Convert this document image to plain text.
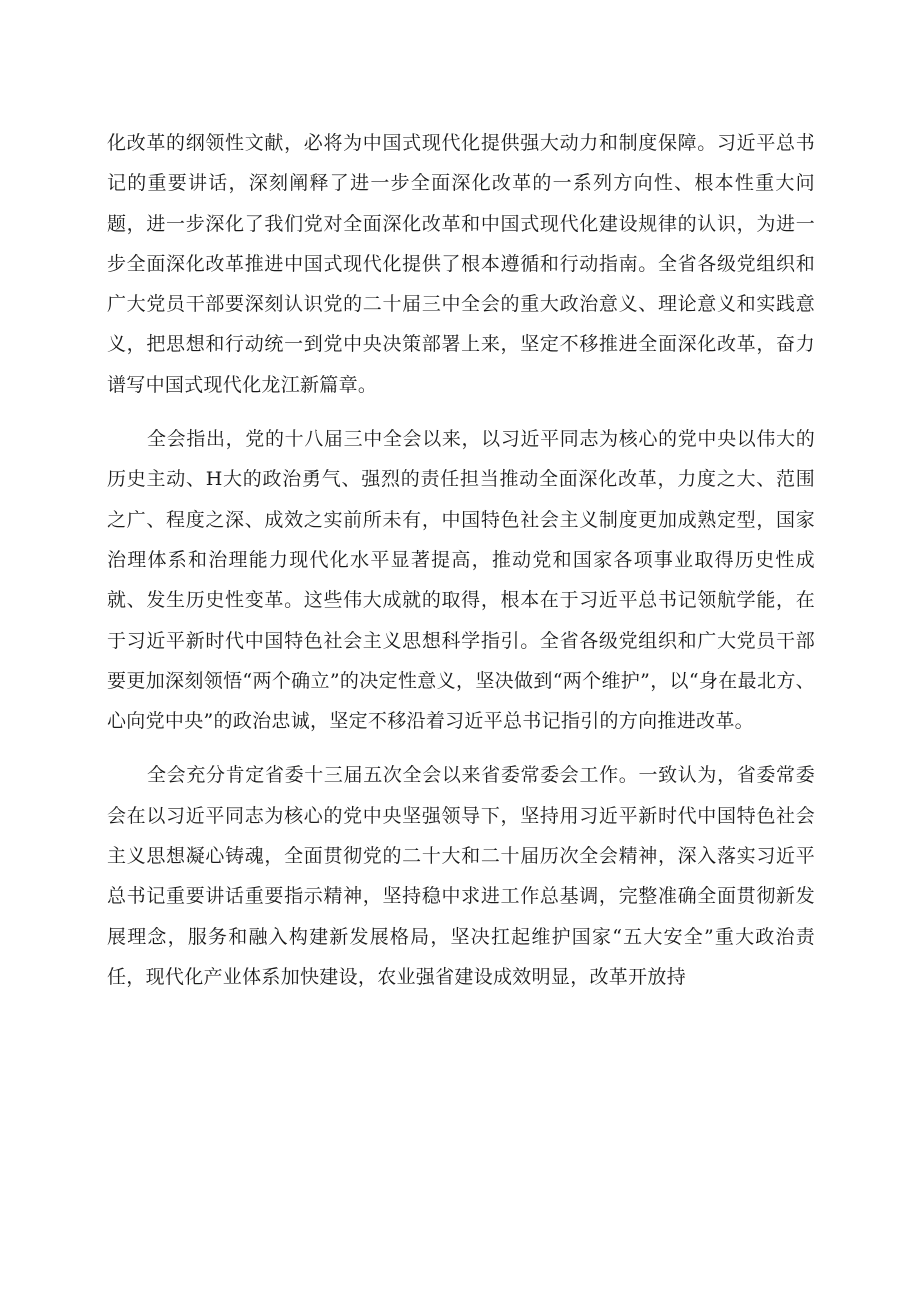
化改革的纲领性文献，必将为中国式现代化提供强大动力和制度保障。习近平总书记的重要讲话，深刻阐释了进一步全面深化改革的一系列方向性、根本性重大问题，进一步深化了我们党对全面深化改革和中国式现代化建设规律的认识，为进一步全面深化改革推进中国式现代化提供了根本遵循和行动指南。全省各级党组织和广大党员干部要深刻认识党的二十届三中全会的重大政治意义、理论意义和实践意义，把思想和行动统一到党中央决策部署上来，坚定不移推进全面深化改革，奋力谱写中国式现代化龙江新篇章。

全会指出，党的十八届三中全会以来，以习近平同志为核心的党中央以伟大的历史主动、H大的政治勇气、强烈的责任担当推动全面深化改革，力度之大、范围之广、程度之深、成效之实前所未有，中国特色社会主义制度更加成熟定型，国家治理体系和治理能力现代化水平显著提高，推动党和国家各项事业取得历史性成就、发生历史性变革。这些伟大成就的取得，根本在于习近平总书记领航学能，在于习近平新时代中国特色社会主义思想科学指引。全省各级党组织和广大党员干部要更加深刻领悟“两个确立”的决定性意义，坚决做到“两个维护”，以“身在最北方、心向党中央”的政治忠诚，坚定不移沿着习近平总书记指引的方向推进改革。

全会充分肯定省委十三届五次全会以来省委常委会工作。一致认为，省委常委会在以习近平同志为核心的党中央坚强领导下，坚持用习近平新时代中国特色社会主义思想凝心铸魂，全面贯彻党的二十大和二十届历次全会精神，深入落实习近平总书记重要讲话重要指示精神，坚持稳中求进工作总基调，完整准确全面贯彻新发展理念，服务和融入构建新发展格局，坚决扛起维护国家“五大安全”重大政治责任，现代化产业体系加快建设，农业强省建设成效明显，改革开放持
